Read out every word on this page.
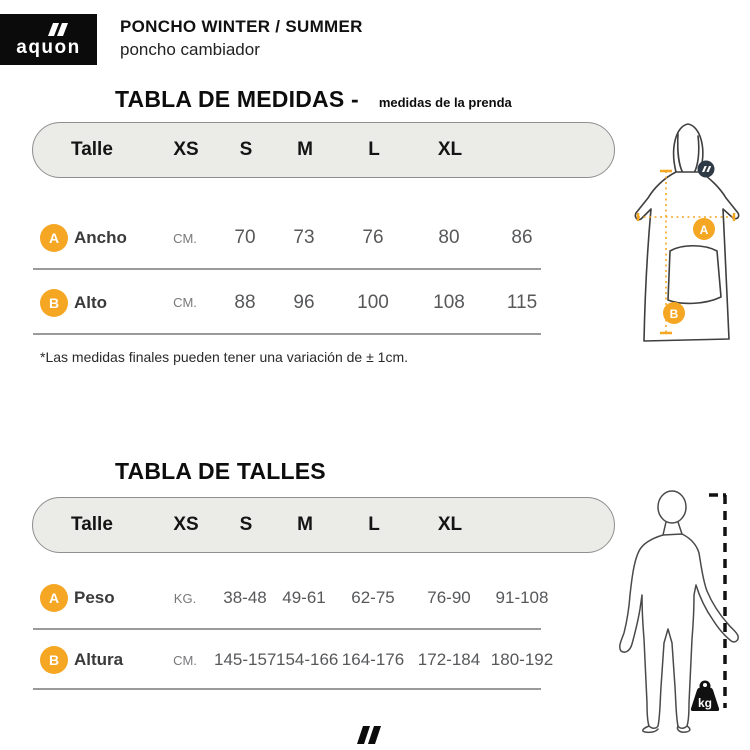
aquon
PONCHO WINTER / SUMMER
poncho cambiador
TABLA DE MEDIDAS - medidas de la prenda
Talle	XS	S	M	L	XL
A Ancho	CM.	70	73	76	80	86
B Alto	CM.	88	96	100	108	115
*Las medidas finales pueden tener una variación de ± 1cm.
A
B
TABLA DE TALLES
Talle	XS	S	M	L	XL
A Peso	KG.	38-48 49-61	62-75	76-90	91-108
B Altura	CM.	145-157 154-166 164-176 172-184 180-192
kg
